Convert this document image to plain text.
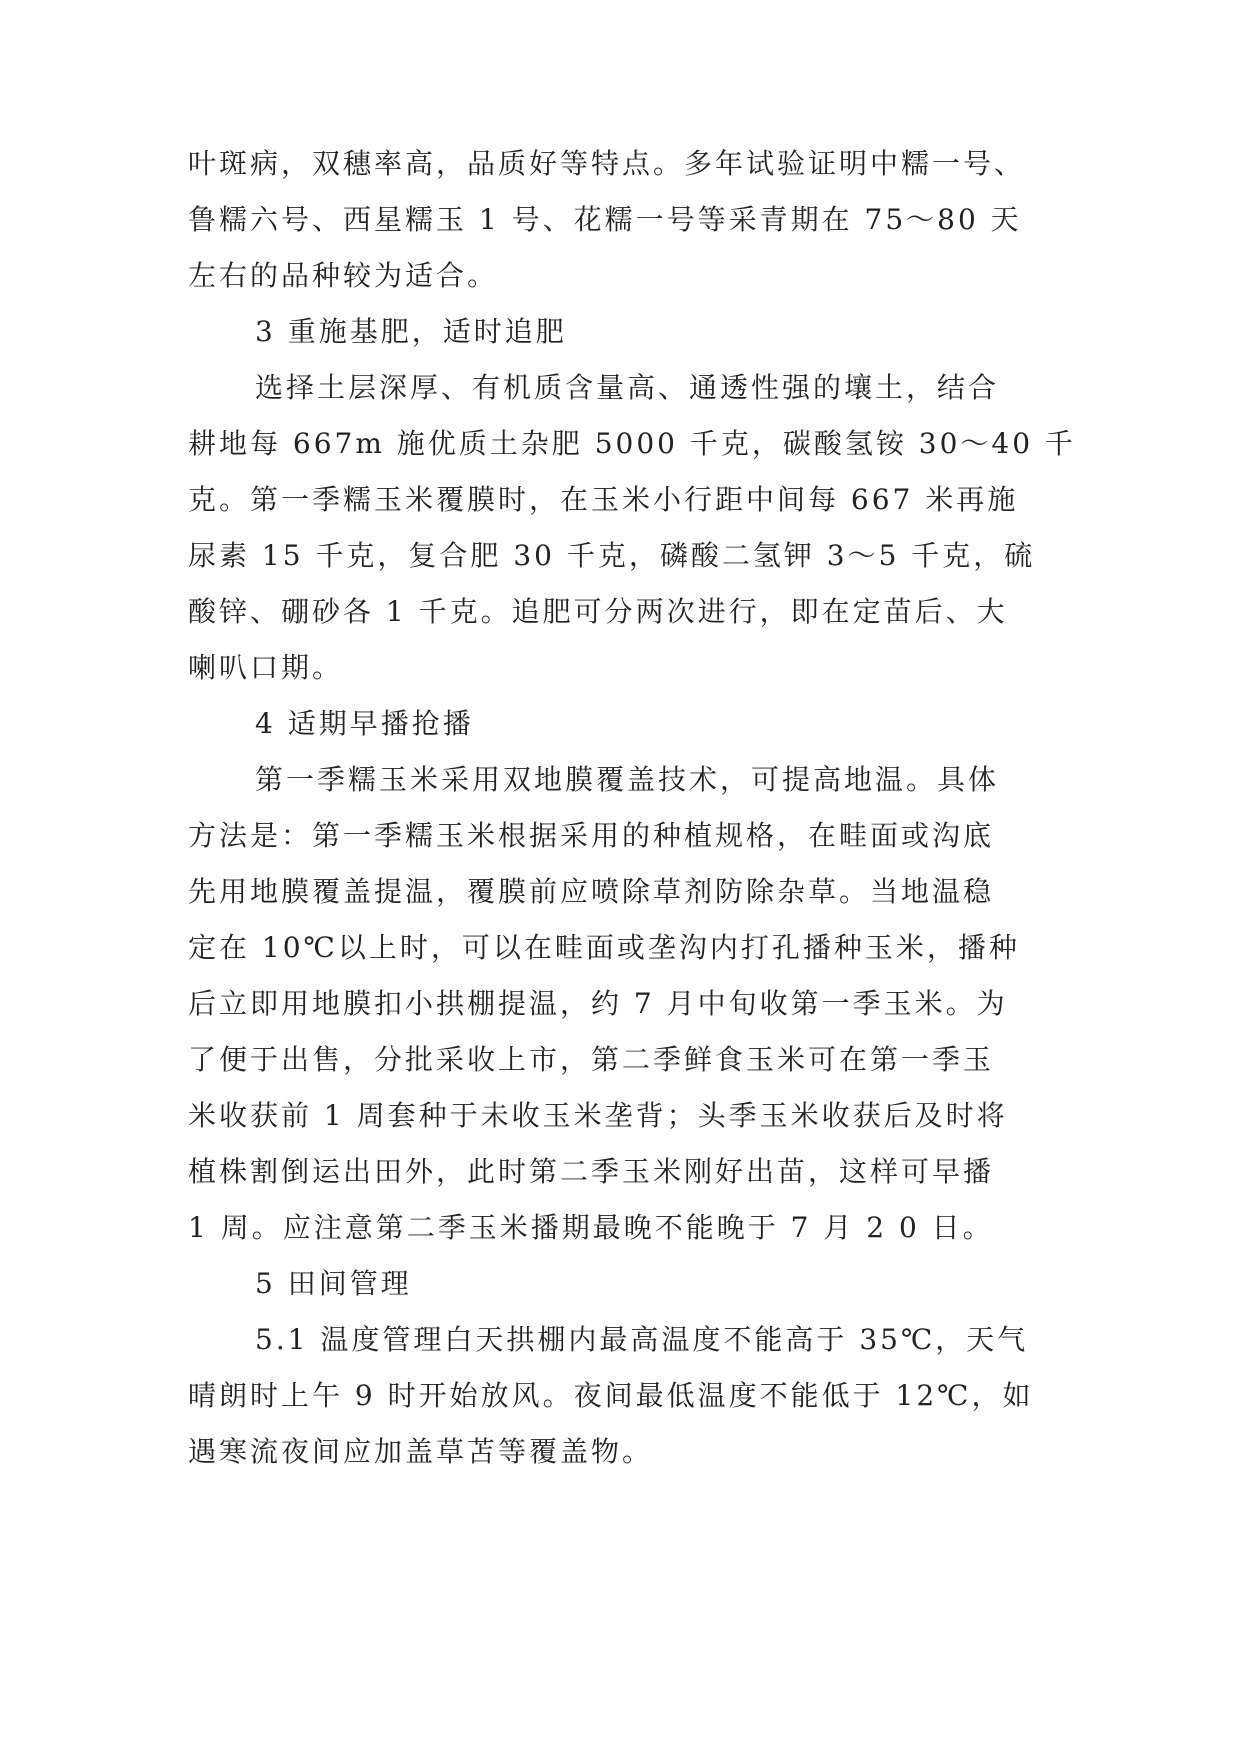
叶斑病，双穗率高，品质好等特点。多年试验证明中糯一号、
鲁糯六号、西星糯玉 1 号、花糯一号等采青期在 75～80 天
左右的品种较为适合。
3 重施基肥，适时追肥
选择土层深厚、有机质含量高、通透性强的壤土，结合
耕地每 667m 施优质土杂肥 5000 千克，碳酸氢铵 30～40 千
克。第一季糯玉米覆膜时，在玉米小行距中间每 667 米再施
尿素 15 千克，复合肥 30 千克，磷酸二氢钾 3～5 千克，硫
酸锌、硼砂各 1 千克。追肥可分两次进行，即在定苗后、大
喇叭口期。
4 适期早播抢播
第一季糯玉米采用双地膜覆盖技术，可提高地温。具体
方法是：第一季糯玉米根据采用的种植规格，在畦面或沟底
先用地膜覆盖提温，覆膜前应喷除草剂防除杂草。当地温稳
定在 10℃以上时，可以在畦面或垄沟内打孔播种玉米，播种
后立即用地膜扣小拱棚提温，约 7 月中旬收第一季玉米。为
了便于出售，分批采收上市，第二季鲜食玉米可在第一季玉
米收获前 1 周套种于未收玉米垄背；头季玉米收获后及时将
植株割倒运出田外，此时第二季玉米刚好出苗，这样可早播
1 周。应注意第二季玉米播期最晚不能晚于 7 月 2 0 日。
5 田间管理
5.1 温度管理白天拱棚内最高温度不能高于 35℃，天气
晴朗时上午 9 时开始放风。夜间最低温度不能低于 12℃，如
遇寒流夜间应加盖草苫等覆盖物。
